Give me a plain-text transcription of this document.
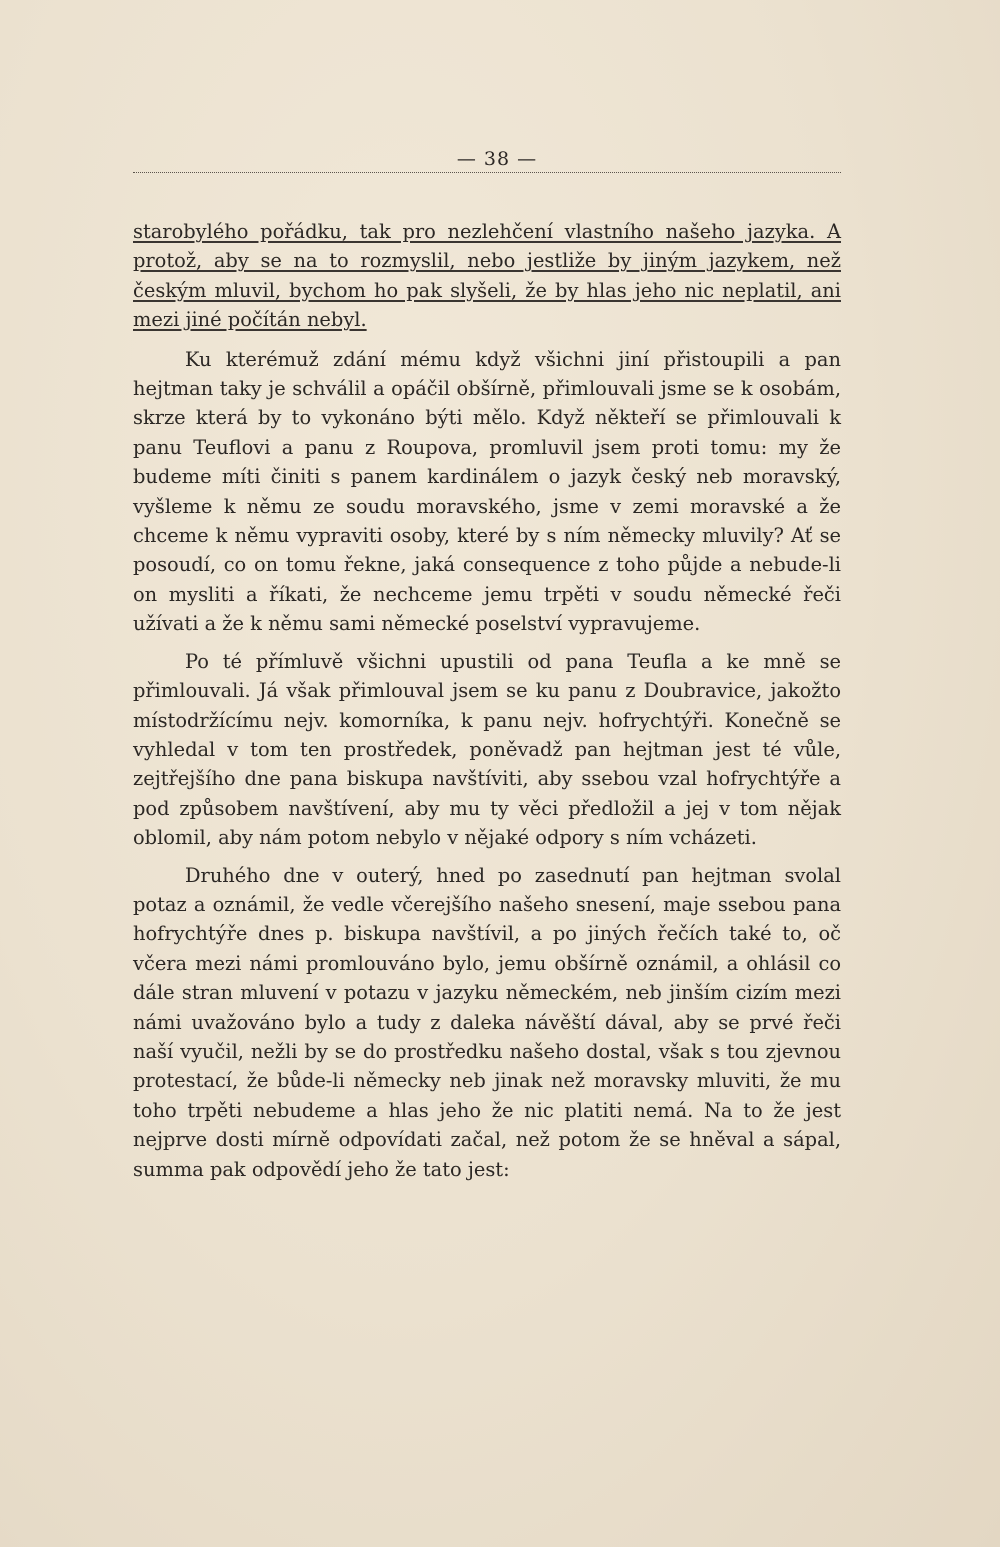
— 38 —

starobylého pořádku, tak pro nezlehčení vlastního našeho jazyka. A protož, aby se na to rozmyslil, nebo jestliže by jiným jazykem, než českým mluvil, bychom ho pak slyšeli, že by hlas jeho nic neplatil, ani mezi jiné počítán nebyl.

Ku kterémuž zdání mému když všichni jiní přistoupili a pan hejtman taky je schválil a opáčil obšírně, přimlouvali jsme se k osobám, skrze která by to vykonáno býti mělo. Když někteří se přimlouvali k panu Teuflovi a panu z Roupova, promluvil jsem proti tomu: my že budeme míti činiti s panem kardinálem o jazyk český neb moravský, vyšleme k němu ze soudu moravského, jsme v zemi moravské a že chceme k němu vypraviti osoby, které by s ním německy mluvily? Ať se posoudí, co on tomu řekne, jaká consequence z toho půjde a nebude-li on mysliti a říkati, že nechceme jemu trpěti v soudu německé řeči užívati a že k němu sami německé poselství vypravujeme.

Po té přímluvě všichni upustili od pana Teufla a ke mně se přimlouvali. Já však přimlouval jsem se ku panu z Doubravice, jakožto místodržícímu nejv. komorníka, k panu nejv. hofrychtýři. Konečně se vyhledal v tom ten prostředek, poněvadž pan hejtman jest té vůle, zejtřejšího dne pana biskupa navštíviti, aby ssebou vzal hofrychtýře a pod způsobem navštívení, aby mu ty věci předložil a jej v tom nějak oblomil, aby nám potom nebylo v nějaké odpory s ním vcházeti.

Druhého dne v outerý, hned po zasednutí pan hejtman svolal potaz a oznámil, že vedle včerejšího našeho snesení, maje ssebou pana hofrychtýře dnes p. biskupa navštívil, a po jiných řečích také to, oč včera mezi námi promlouváno bylo, jemu obšírně oznámil, a ohlásil co dále stran mluvení v potazu v jazyku německém, neb jinším cizím mezi námi uvažováno bylo a tudy z daleka návěští dával, aby se prvé řeči naší vyučil, nežli by se do prostředku našeho dostal, však s tou zjevnou protestací, že bůde-li německy neb jinak než moravsky mluviti, že mu toho trpěti nebudeme a hlas jeho že nic platiti nemá. Na to že jest nejprve dosti mírně odpovídati začal, než potom že se hněval a sápal, summa pak odpovědí jeho že tato jest:
